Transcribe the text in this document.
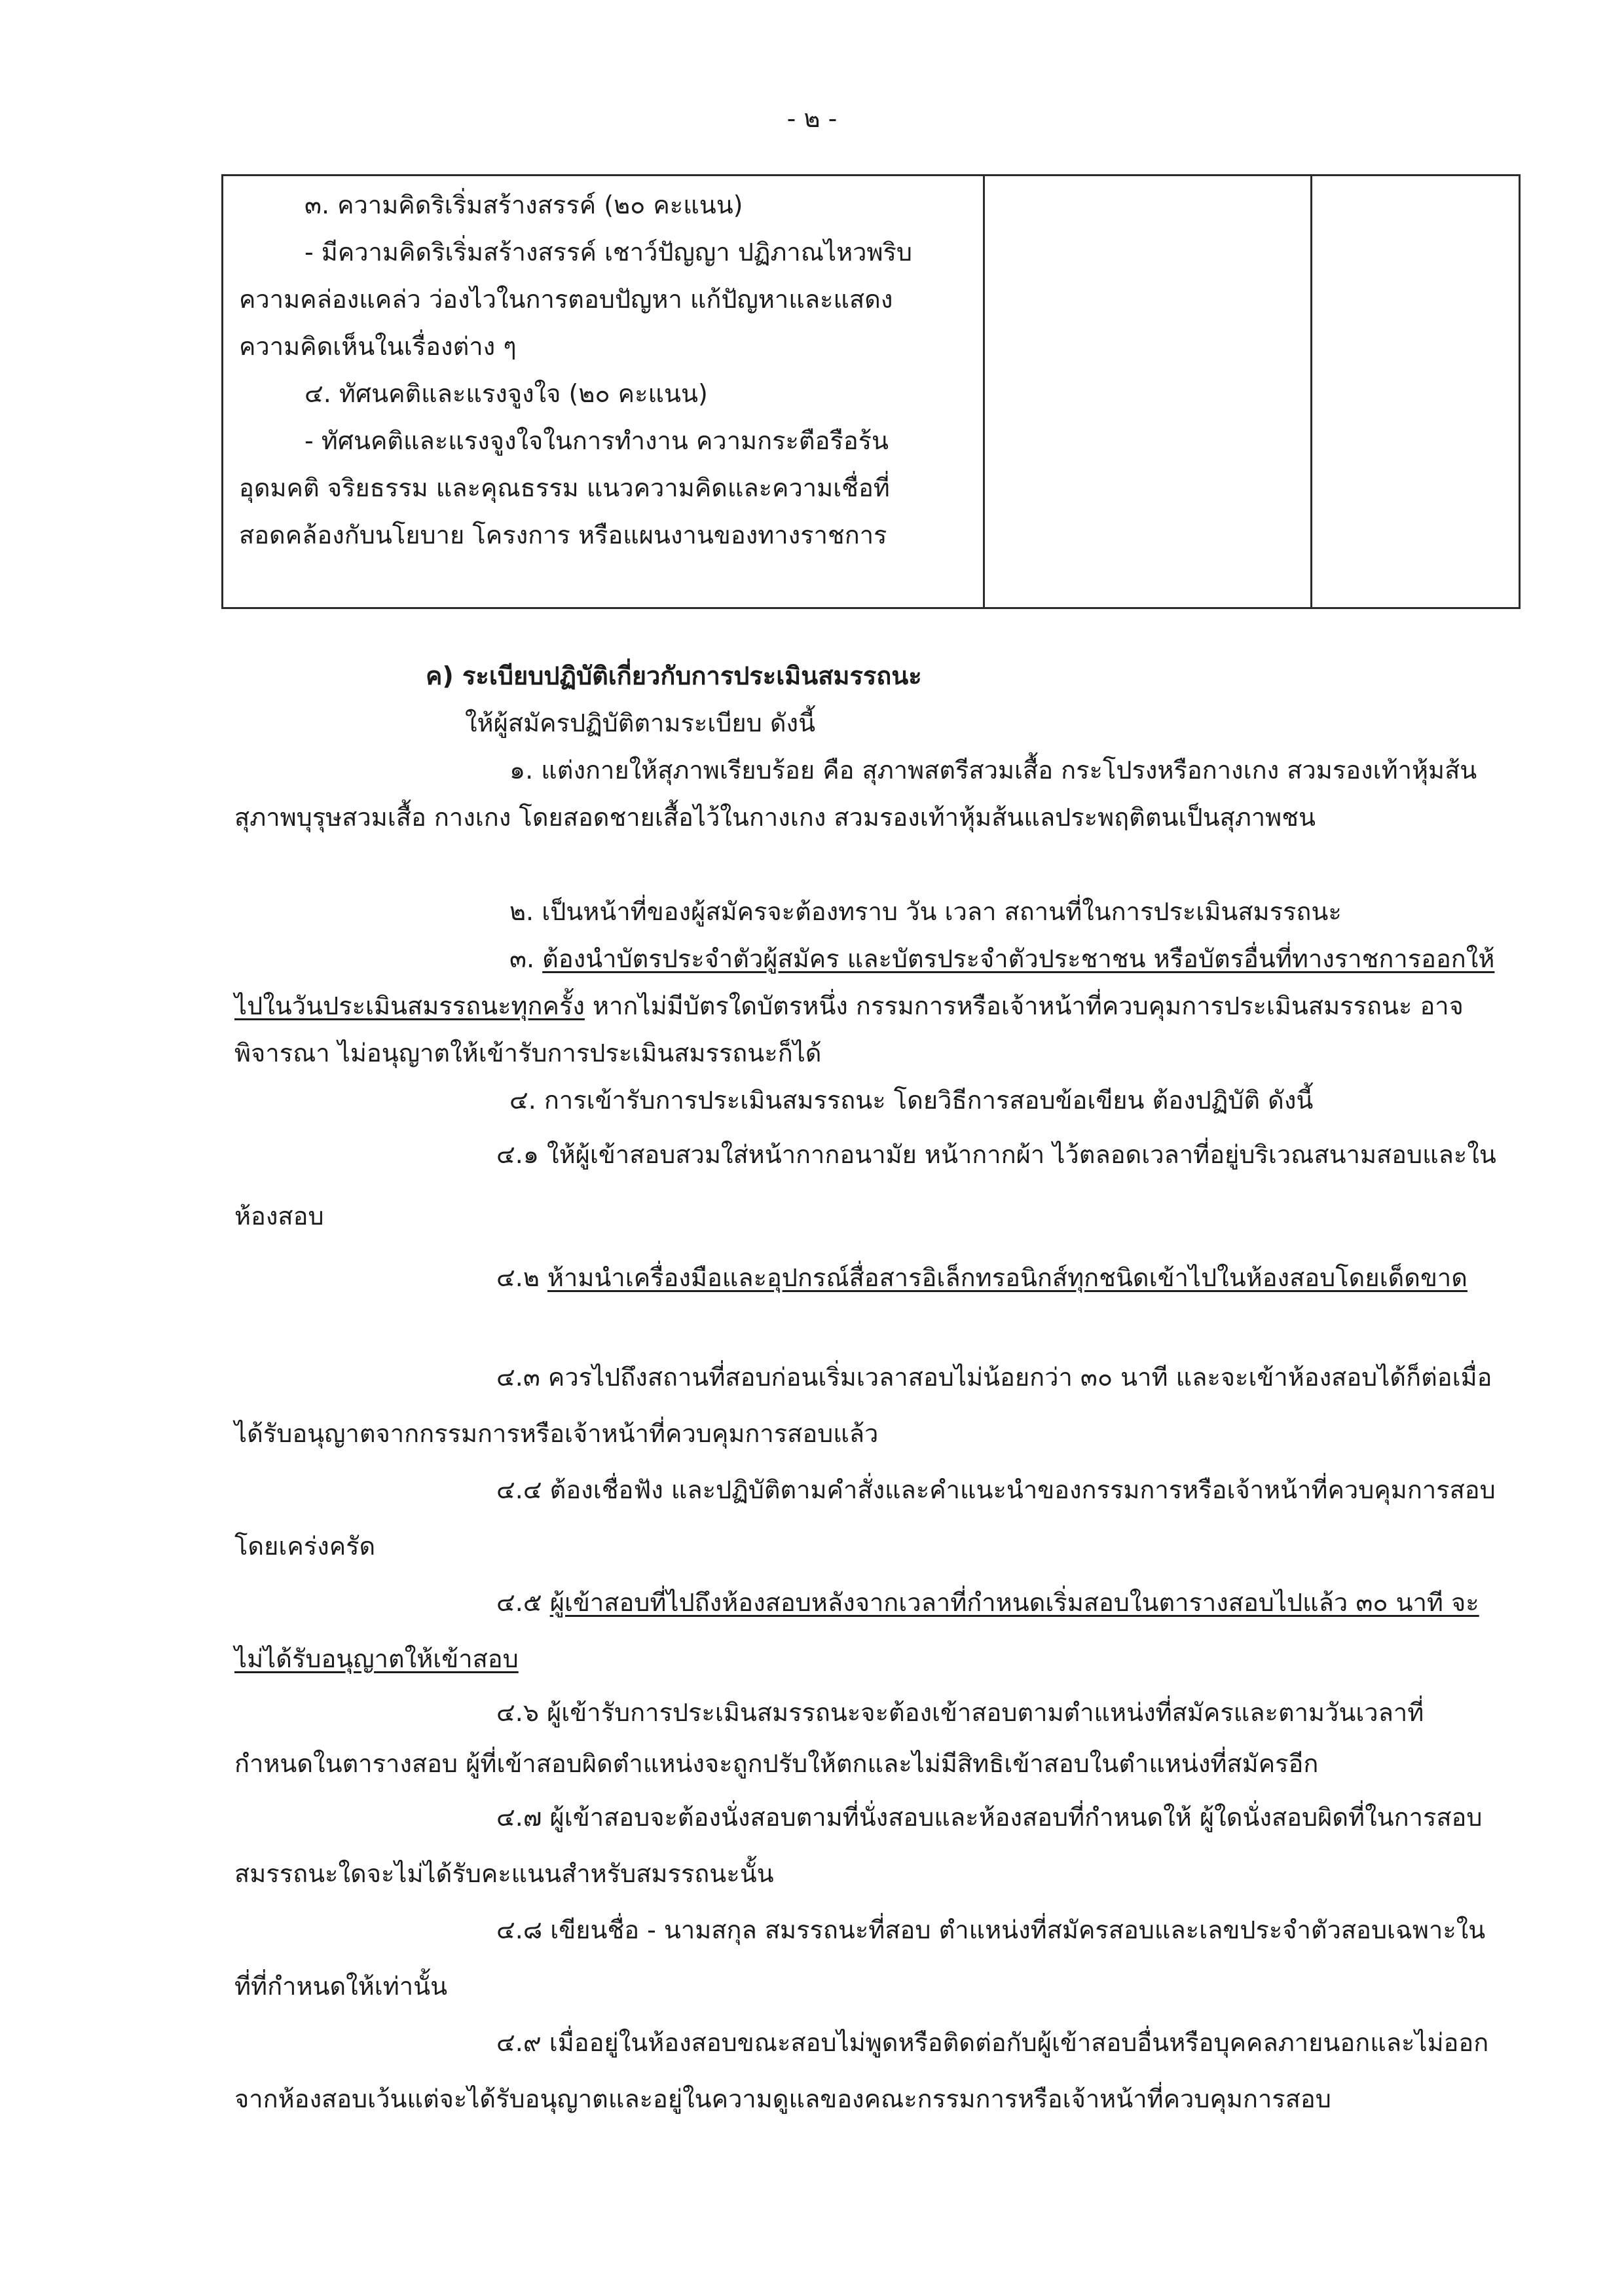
- ๒ -
๓. ความคิดริเริ่มสร้างสรรค์ (๒๐ คะแนน)
- มีความคิดริเริ่มสร้างสรรค์ เชาว์ปัญญา ปฏิภาณไหวพริบ
ความคล่องแคล่ว ว่องไวในการตอบปัญหา แก้ปัญหาและแสดง
ความคิดเห็นในเรื่องต่าง ๆ
๔. ทัศนคติและแรงจูงใจ (๒๐ คะแนน)
- ทัศนคติและแรงจูงใจในการทำงาน ความกระตือรือร้น
อุดมคติ จริยธรรม และคุณธรรม แนวความคิดและความเชื่อที่
สอดคล้องกับนโยบาย โครงการ หรือแผนงานของทางราชการ
ค) ระเบียบปฏิบัติเกี่ยวกับการประเมินสมรรถนะ
ให้ผู้สมัครปฏิบัติตามระเบียบ ดังนี้
๑. แต่งกายให้สุภาพเรียบร้อย คือ สุภาพสตรีสวมเสื้อ กระโปรงหรือกางเกง สวมรองเท้าหุ้มส้น สุภาพบุรุษสวมเสื้อ กางเกง โดยสอดชายเสื้อไว้ในกางเกง สวมรองเท้าหุ้มส้นแลประพฤติตนเป็นสุภาพชน
๒. เป็นหน้าที่ของผู้สมัครจะต้องทราบ วัน เวลา สถานที่ในการประเมินสมรรถนะ
๓. ต้องนำบัตรประจำตัวผู้สมัคร และบัตรประจำตัวประชาชน หรือบัตรอื่นที่ทางราชการออกให้ไปในวันประเมินสมรรถนะทุกครั้ง หากไม่มีบัตรใดบัตรหนึ่ง กรรมการหรือเจ้าหน้าที่ควบคุมการประเมินสมรรถนะ อาจพิจารณา ไม่อนุญาตให้เข้ารับการประเมินสมรรถนะก็ได้
๔. การเข้ารับการประเมินสมรรถนะ โดยวิธีการสอบข้อเขียน ต้องปฏิบัติ ดังนี้
๔.๑ ให้ผู้เข้าสอบสวมใส่หน้ากากอนามัย หน้ากากผ้า ไว้ตลอดเวลาที่อยู่บริเวณสนามสอบและในห้องสอบ
๔.๒ ห้ามนำเครื่องมือและอุปกรณ์สื่อสารอิเล็กทรอนิกส์ทุกชนิดเข้าไปในห้องสอบโดยเด็ดขาด
๔.๓ ควรไปถึงสถานที่สอบก่อนเริ่มเวลาสอบไม่น้อยกว่า ๓๐ นาที และจะเข้าห้องสอบได้ก็ต่อเมื่อได้รับอนุญาตจากกรรมการหรือเจ้าหน้าที่ควบคุมการสอบแล้ว
๔.๔ ต้องเชื่อฟัง และปฏิบัติตามคำสั่งและคำแนะนำของกรรมการหรือเจ้าหน้าที่ควบคุมการสอบโดยเคร่งครัด
๔.๕ ผู้เข้าสอบที่ไปถึงห้องสอบหลังจากเวลาที่กำหนดเริ่มสอบในตารางสอบไปแล้ว ๓๐ นาที จะไม่ได้รับอนุญาตให้เข้าสอบ
๔.๖ ผู้เข้ารับการประเมินสมรรถนะจะต้องเข้าสอบตามตำแหน่งที่สมัครและตามวันเวลาที่กำหนดในตารางสอบ ผู้ที่เข้าสอบผิดตำแหน่งจะถูกปรับให้ตกและไม่มีสิทธิเข้าสอบในตำแหน่งที่สมัครอีก
๔.๗ ผู้เข้าสอบจะต้องนั่งสอบตามที่นั่งสอบและห้องสอบที่กำหนดให้ ผู้ใดนั่งสอบผิดที่ในการสอบสมรรถนะใดจะไม่ได้รับคะแนนสำหรับสมรรถนะนั้น
๔.๘ เขียนชื่อ - นามสกุล สมรรถนะที่สอบ ตำแหน่งที่สมัครสอบและเลขประจำตัวสอบเฉพาะในที่ที่กำหนดให้เท่านั้น
๔.๙ เมื่ออยู่ในห้องสอบขณะสอบไม่พูดหรือติดต่อกับผู้เข้าสอบอื่นหรือบุคคลภายนอกและไม่ออกจากห้องสอบเว้นแต่จะได้รับอนุญาตและอยู่ในความดูแลของคณะกรรมการหรือเจ้าหน้าที่ควบคุมการสอบ
